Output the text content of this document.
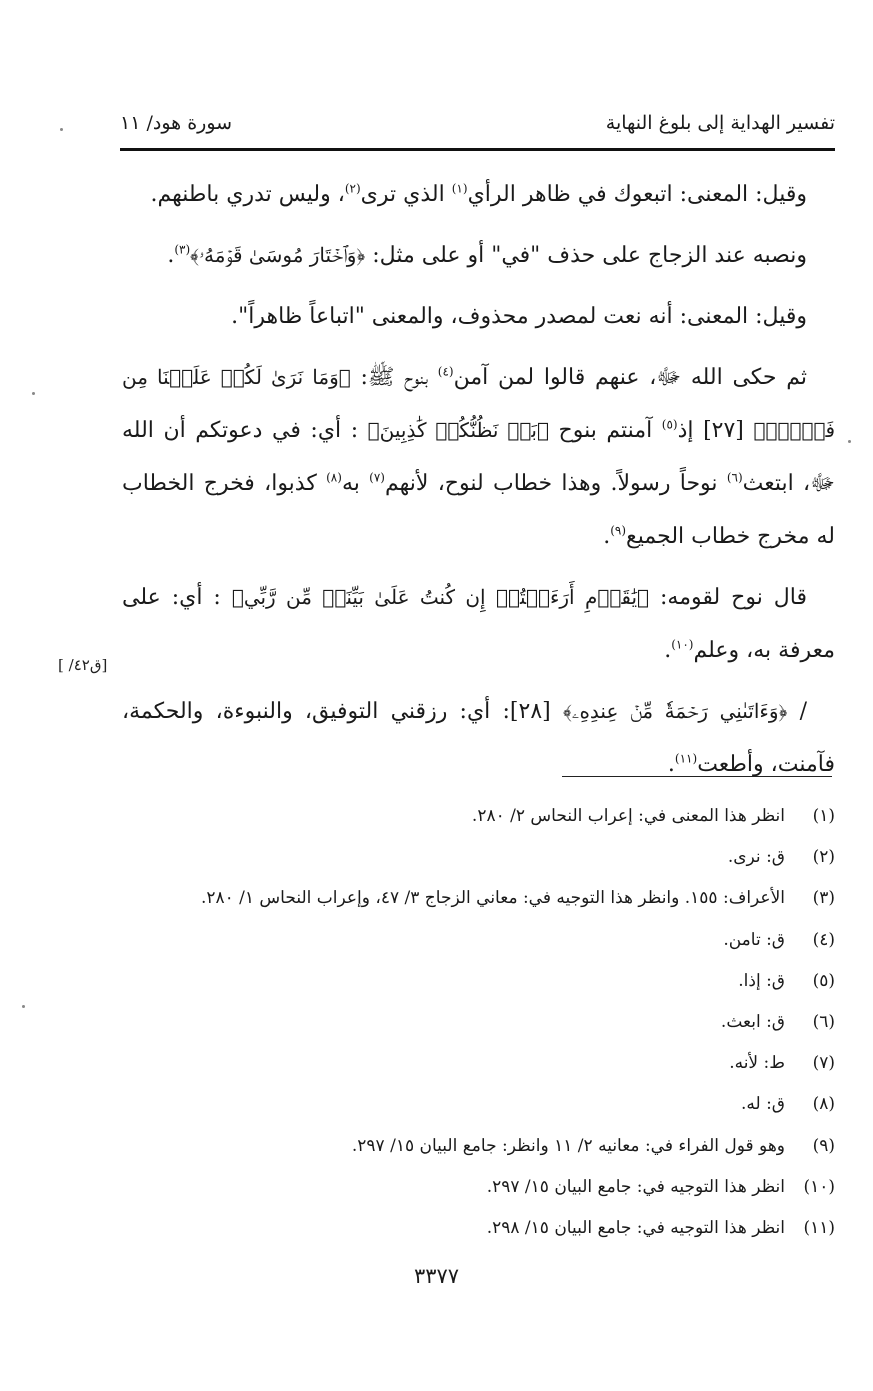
تفسير الهداية إلى بلوغ النهاية
سورة هود/ ١١

وقيل: المعنى: اتبعوك في ظاهر الرأي$^{(١)}$ الذي ترى$^{(٢)}$، وليس تدري باطنهم.

ونصبه عند الزجاج على حذف "في" أو على مثل: ﴿وَٱخۡتَارَ مُوسَىٰ قَوۡمَهُۥ﴾$^{(٣)}$.

وقيل: المعنى: أنه نعت لمصدر محذوف، والمعنى "اتباعاً ظاهراً".

ثم حكى الله ﷻ، عنهم قالوا لمن آمن$^{(٤)}$ بنوح ﷺ: ﴿وَمَا نَرَىٰ لَكُمۡ عَلَيۡنَا مِن فَضۡلِۭ﴾ [٢٧] إذ$^{(٥)}$ آمنتم بنوح ﴿بَلۡ نَظُنُّكُمۡ كَٰذِبِينَ﴾ : أي: في دعوتكم أن الله ﷻ، ابتعث$^{(٦)}$ نوحاً رسولاً. وهذا خطاب لنوح، لأنهم$^{(٧)}$ به$^{(٨)}$ كذبوا، فخرج الخطاب له مخرج خطاب الجميع$^{(٩)}$.

قال نوح لقومه: ﴿يَٰقَوۡمِ أَرَءَيۡتُمۡ إِن كُنتُ عَلَىٰ بَيِّنَةٖ مِّن رَّبِّي﴾ : أي: على معرفة به، وعلم$^{(١٠)}$.

/ ﴿وَءَاتَىٰنِي رَحۡمَةٗ مِّنۡ عِندِهِۦ﴾ [٢٨]: أي: رزقني التوفيق، والنبوءة، والحكمة، فآمنت، وأطعت$^{(١١)}$.

[ق٤٢/ ]
(١)
انظر هذا المعنى في: إعراب النحاس ٢/ ٢٨٠.
(٢)
ق: نرى.
(٣)
الأعراف: ١٥٥. وانظر هذا التوجيه في: معاني الزجاج ٣/ ٤٧، وإعراب النحاس ١/ ٢٨٠.
(٤)
ق: تامن.
(٥)
ق: إذا.
(٦)
ق: ابعث.
(٧)
ط: لأنه.
(٨)
ق: له.
(٩)
وهو قول الفراء في: معانيه ٢/ ١١ وانظر: جامع البيان ١٥/ ٢٩٧.
(١٠)
انظر هذا التوجيه في: جامع البيان ١٥/ ٢٩٧.
(١١)
انظر هذا التوجيه في: جامع البيان ١٥/ ٢٩٨.
٣٣٧٧
